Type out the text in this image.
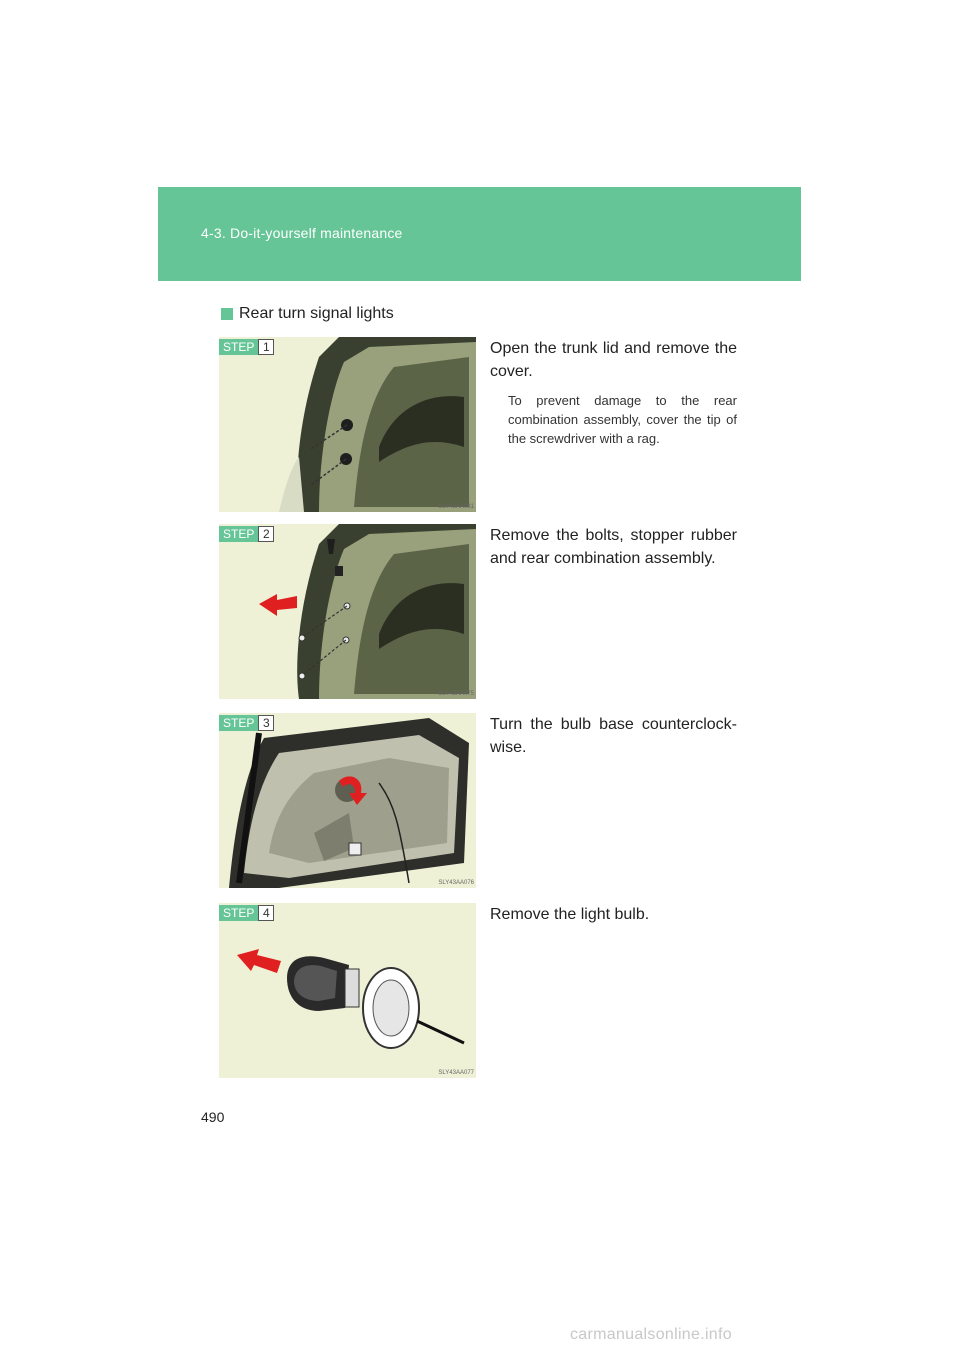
4-3. Do-it-yourself maintenance
Rear turn signal lights
SLY43AA081
STEP 1	Open the trunk lid and remove the cover.
To prevent damage to the rear combination assembly, cover the tip of the screwdriver with a rag.
SLY43AA075
STEP 2	Remove the bolts, stopper rubber and rear combination assembly.
SLY43AA076
STEP 3	Turn the bulb base counterclock-wise.
SLY43AA077
STEP 4	Remove the light bulb.
490
carmanualsonline.info
